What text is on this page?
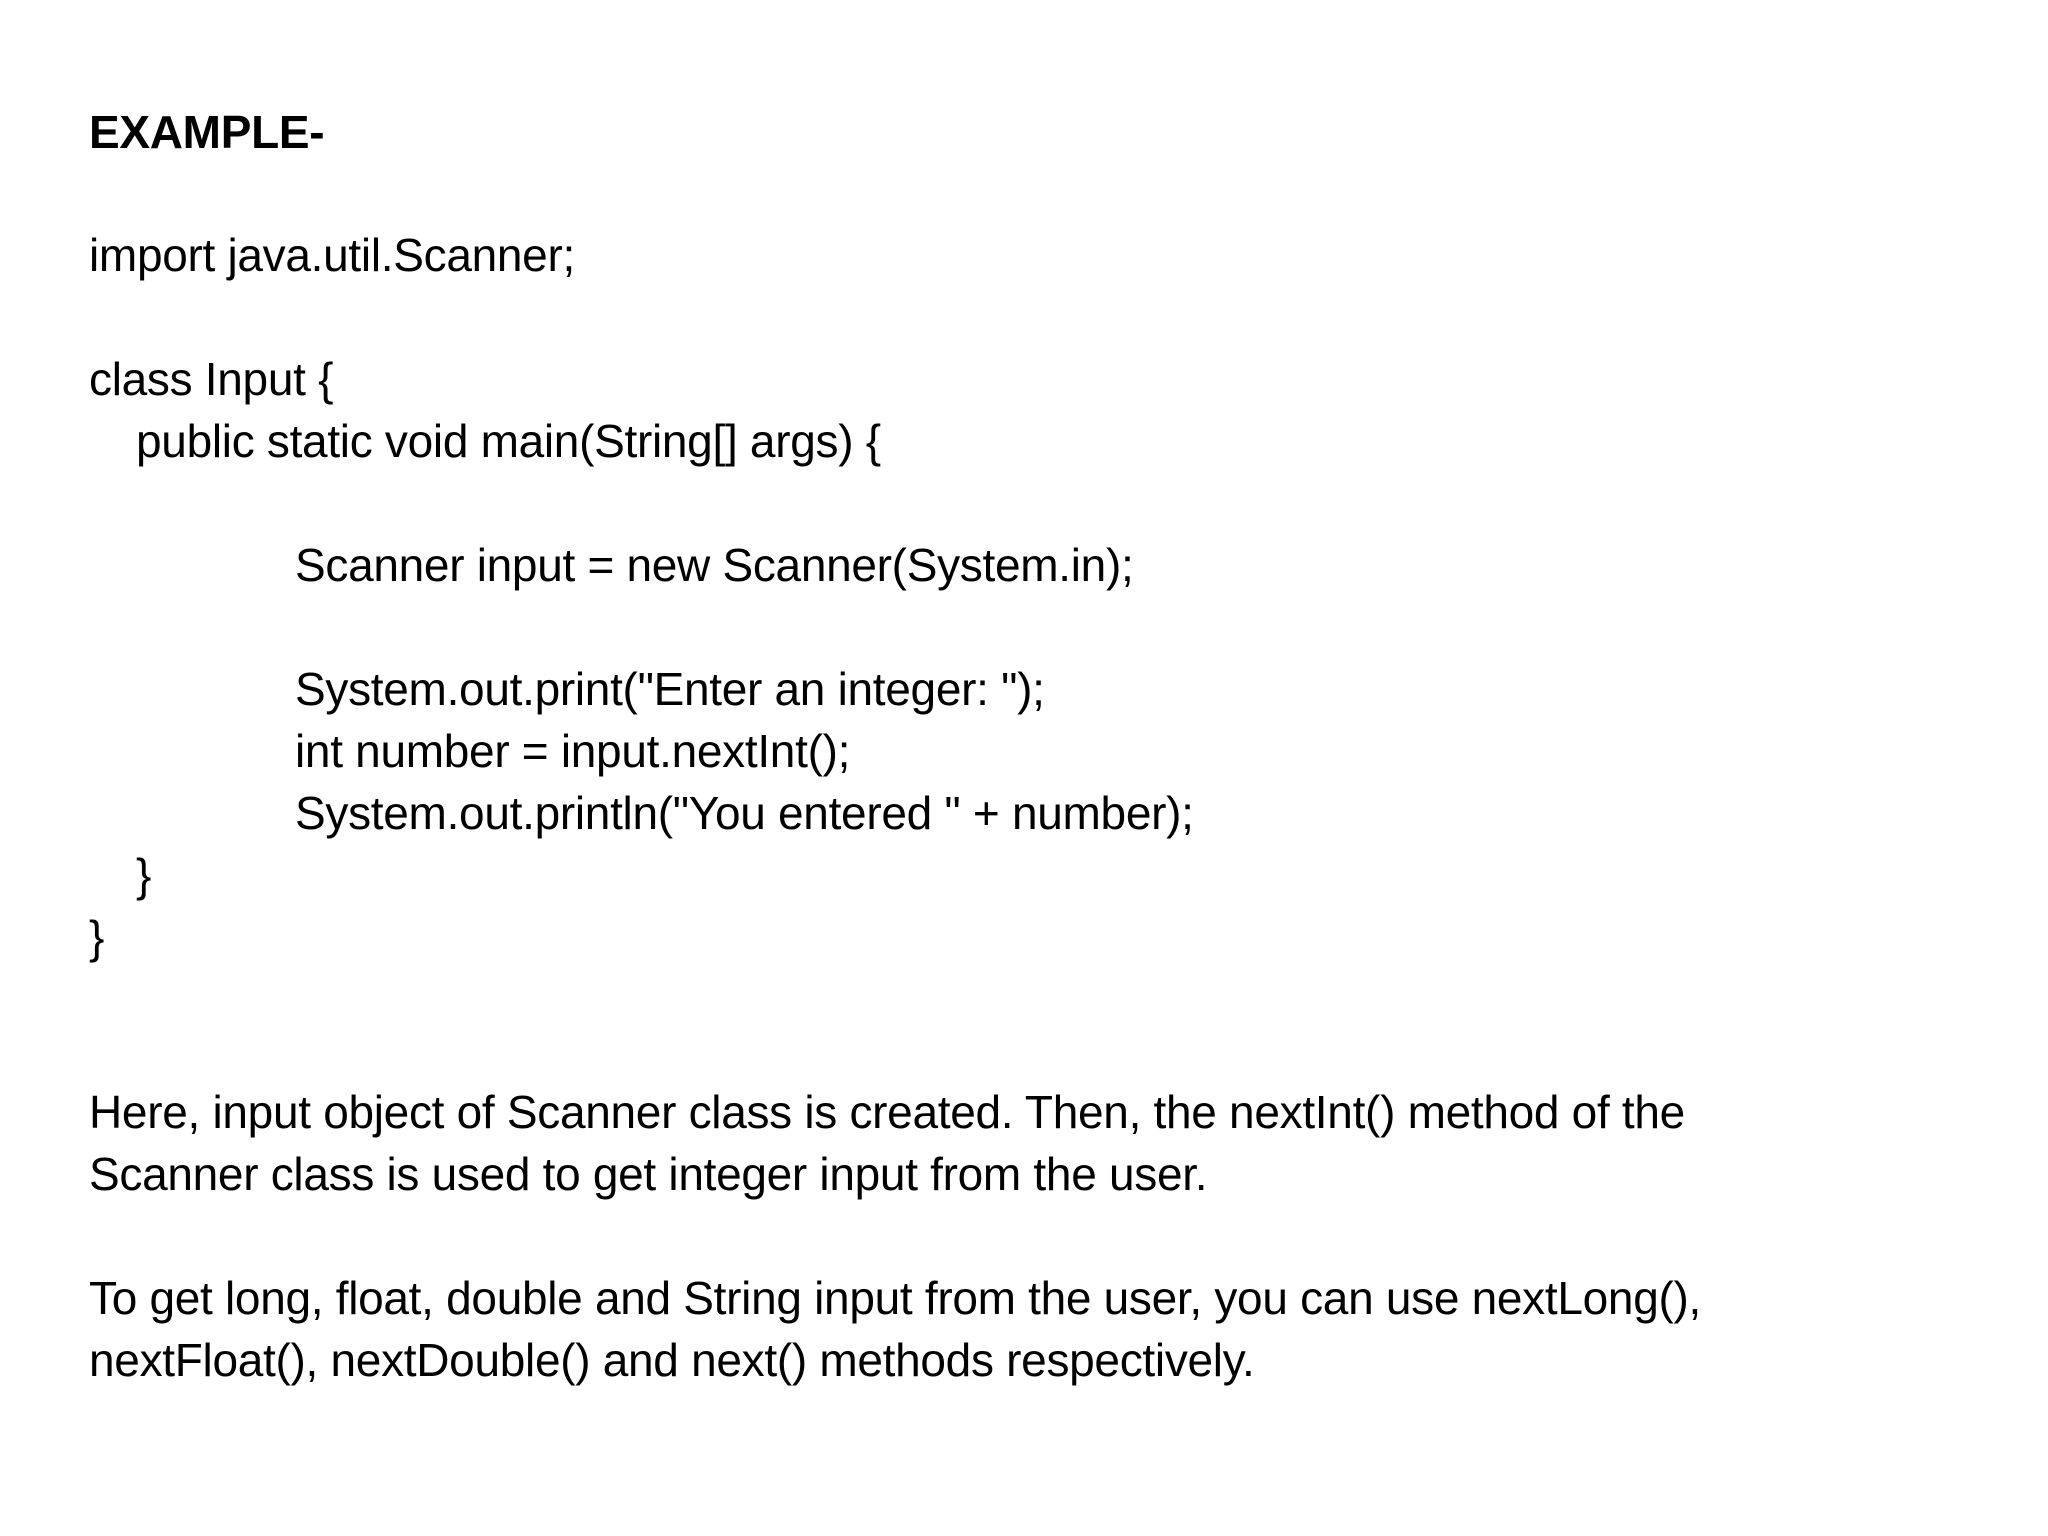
EXAMPLE-
import java.util.Scanner;
class Input {
public static void main(String[] args) {
Scanner input = new Scanner(System.in);
System.out.print("Enter an integer: ");
int number = input.nextInt();
System.out.println("You entered " + number);
}
}
Here, input object of Scanner class is created. Then, the nextInt() method of the
Scanner class is used to get integer input from the user.
To get long, float, double and String input from the user, you can use nextLong(),
nextFloat(), nextDouble() and next() methods respectively.
